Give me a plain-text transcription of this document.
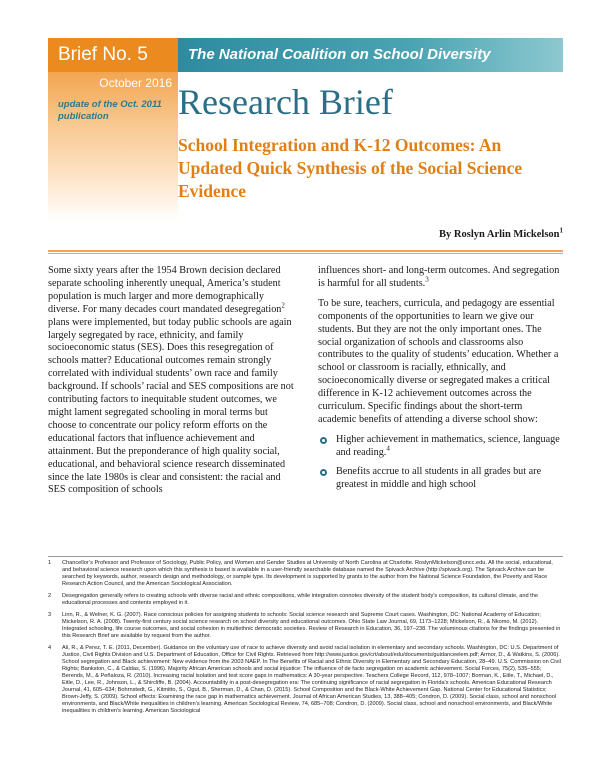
Brief No. 5	The National Coalition on School Diversity
October 2016
update of the Oct. 2011 publication	Research Brief
School Integration and K-12 Outcomes: An Updated Quick Synthesis of the Social Science Evidence
By Roslyn Arlin Mickelson$^1$

Some sixty years after the 1954 Brown decision declared separate schooling inherently unequal, America’s student population is much larger and more demographically diverse. For many decades court mandated desegregation$^2$ plans were implemented, but today public schools are again largely segregated by race, ethnicity, and family socioeconomic status (SES). Does this resegregation of schools matter? Educational outcomes remain strongly correlated with individual students’ own race and family background. If schools’ racial and SES compositions are not contributing factors to inequitable student outcomes, we might lament segregated schooling in moral terms but choose to concentrate our policy reform efforts on the educational factors that influence achievement and attainment. But the preponderance of high quality social, educational, and behavioral science research disseminated since the late 1980s is clear and consistent: the racial and SES composition of schools

influences short- and long-term outcomes. And segregation is harmful for all students.$^3$

To be sure, teachers, curricula, and pedagogy are essential components of the opportunities to learn we give our students. But they are not the only important ones. The social organization of schools and classrooms also contributes to the quality of students’ education. Whether a school or classroom is racially, ethnically, and socioeconomically diverse or segregated makes a critical difference in K-12 achievement outcomes across the curriculum. Specific findings about the short-term academic benefits of attending a diverse school show:

Higher achievement in mathematics, science, language and reading.$^4$
Benefits accrue to all students in all grades but are greatest in middle and high school
1	Chancellor’s Professor and Professor of Sociology, Public Policy, and Women and Gender Studies at University of North Carolina at Charlotte. RoslynMickelson@uncc.edu. All the social, educational, and behavioral science research upon which this synthesis is based is available in a user-friendly searchable database named the Spivack Archive (http://spivack.org). The Spivack Archive can be searched by keywords, author, research design and methodology, or sample type. Its development is supported by grants to the author from the National Science Foundation, the Poverty and Race Research Action Council, and the American Sociological Association.
2	Desegregation generally refers to creating schools with diverse racial and ethnic compositions, while integration connotes diversity of the student body’s composition, its cultural climate, and the educational processes and contents employed in it.
3	Linn, R., & Welner, K. G. (2007). Race conscious policies for assigning students to schools: Social science research and Supreme Court cases. Washington, DC: National Academy of Education; Mickelson, R. A. (2008). Twenty-first century social science research on school diversity and educational outcomes. Ohio State Law Journal, 69, 1173–1228; Mickelson, R., & Nkomo, M. (2012). Integrated schooling, life course outcomes, and social cohesion in multiethnic democratic societies. Review of Research in Education, 36, 197–238. The voluminous citations for the findings presented in this Research Brief are available by request from the author.
4	Ali, R., & Perez, T. E. (2011, December). Guidance on the voluntary use of race to achieve diversity and avoid racial isolation in elementary and secondary schools. Washington, DC: U.S. Department of Justice, Civil Rights Division and U.S. Department of Education, Office for Civil Rights. Retrieved from http://www.justice.gov/crt/about/edu/documents/guidanceelem.pdf; Armor, D., & Watkins, S. (2006). School segregation and Black achievement: New evidence from the 2003 NAEP. In The Benefits of Racial and Ethnic Diversity in Elementary and Secondary Education, 28–49. U.S. Commission on Civil Rights; Bankston, C., & Caldas, S. (1996). Majority African American schools and social injustice: The influence of de facto segregation on academic achievement. Social Forces, 75(2), 535–555; Berends, M., & Peñaloza, R. (2010). Increasing racial isolation and test score gaps in mathematics: A 30-year perspective. Teachers College Record, 112, 978–1007; Borman, K., Eitle, T., Michael, D., Eitle, D., Lee, R., Johnson, L., & Shircliffe, B. (2004). Accountability in a post-desegregation era: The continuing significance of racial segregation in Florida’s schools. American Educational Research Journal, 41, 605–634; Bohrnstedt, G., Kitmitto, S., Ogut, B., Sherman, D., & Chan, D. (2015). School Composition and the Black-White Achievement Gap. National Center for Educational Statistics; Brown-Jeffy, S. (2009). School effects: Examining the race gap in mathematics achievement. Journal of African American Studies, 13, 388–405; Condron, D. (2009). Social class, school and nonschool environments, and Black/White inequalities in children’s learning. American Sociological Review, 74, 685–708; Condron, D. (2009). Social class, school and nonschool environments, and Black/White inequalities in children’s learning. American Sociological
